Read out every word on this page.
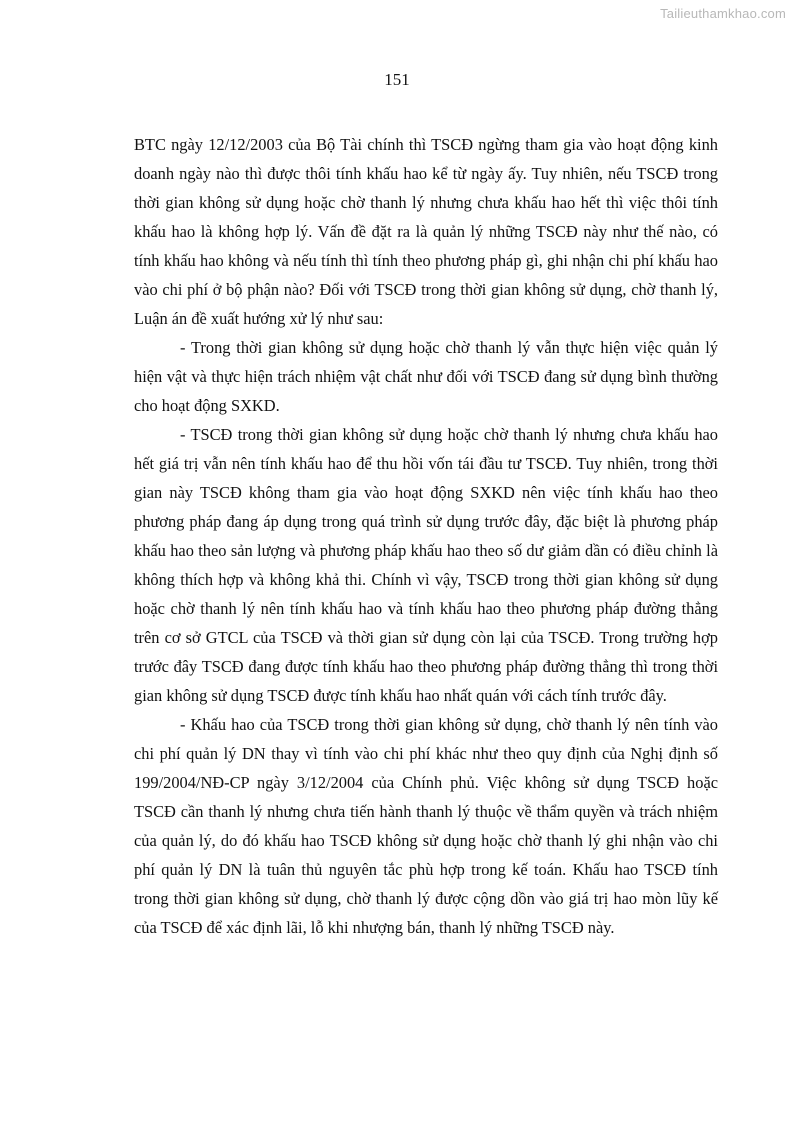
Tailieuthamkhao.com
151

BTC ngày 12/12/2003 của Bộ Tài chính thì TSCĐ ngừng tham gia vào hoạt động kinh doanh ngày nào thì được thôi tính khấu hao kể từ ngày ấy. Tuy nhiên, nếu TSCĐ trong thời gian không sử dụng hoặc chờ thanh lý nhưng chưa khấu hao hết thì việc thôi tính khấu hao là không hợp lý. Vấn đề đặt ra là quản lý những TSCĐ này như thế nào, có tính khấu hao không và nếu tính thì tính theo phương pháp gì, ghi nhận chi phí khấu hao vào chi phí ở bộ phận nào? Đối với TSCĐ trong thời gian không sử dụng, chờ thanh lý, Luận án đề xuất hướng xử lý như sau:

- Trong thời gian không sử dụng hoặc chờ thanh lý vẫn thực hiện việc quản lý hiện vật và thực hiện trách nhiệm vật chất như đối với TSCĐ đang sử dụng bình thường cho hoạt động SXKD.

- TSCĐ trong thời gian không sử dụng hoặc chờ thanh lý nhưng chưa khấu hao hết giá trị vẫn nên tính khấu hao để thu hồi vốn tái đầu tư TSCĐ. Tuy nhiên, trong thời gian này TSCĐ không tham gia vào hoạt động SXKD nên việc tính khấu hao theo phương pháp đang áp dụng trong quá trình sử dụng trước đây, đặc biệt là phương pháp khấu hao theo sản lượng và phương pháp khấu hao theo số dư giảm dần có điều chỉnh là không thích hợp và không khả thi. Chính vì vậy, TSCĐ trong thời gian không sử dụng hoặc chờ thanh lý nên tính khấu hao và tính khấu hao theo phương pháp đường thẳng trên cơ sở GTCL của TSCĐ và thời gian sử dụng còn lại của TSCĐ. Trong trường hợp trước đây TSCĐ đang được tính khấu hao theo phương pháp đường thẳng thì trong thời gian không sử dụng TSCĐ được tính khấu hao nhất quán với cách tính trước đây.

- Khấu hao của TSCĐ trong thời gian không sử dụng, chờ thanh lý nên tính vào chi phí quản lý DN thay vì tính vào chi phí khác như theo quy định của Nghị định số 199/2004/NĐ-CP ngày 3/12/2004 của Chính phủ. Việc không sử dụng TSCĐ hoặc TSCĐ cần thanh lý nhưng chưa tiến hành thanh lý thuộc về thẩm quyền và trách nhiệm của quản lý, do đó khấu hao TSCĐ không sử dụng hoặc chờ thanh lý ghi nhận vào chi phí quản lý DN là tuân thủ nguyên tắc phù hợp trong kế toán. Khấu hao TSCĐ tính trong thời gian không sử dụng, chờ thanh lý được cộng dồn vào giá trị hao mòn lũy kế của TSCĐ để xác định lãi, lỗ khi nhượng bán, thanh lý những TSCĐ này.
